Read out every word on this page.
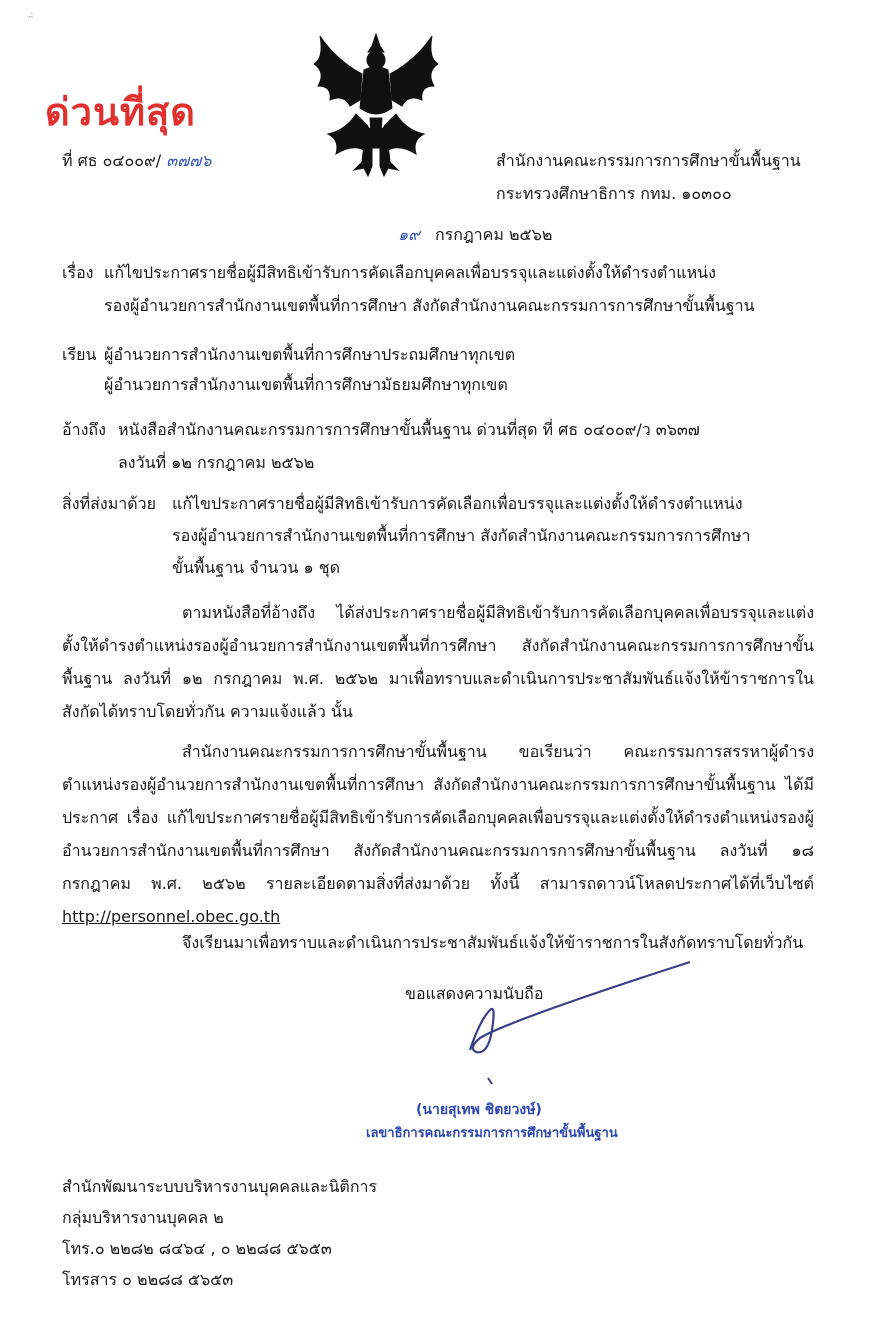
.:
ด่วนที่สุด
ที่ ศธ ๐๔๐๐๙/ ๓๗๗๖	สำนักงานคณะกรรมการการศึกษาขั้นพื้นฐาน
กระทรวงศึกษาธิการ กทม. ๑๐๓๐๐
๑๙ กรกฎาคม ๒๕๖๒
เรื่อง แก้ไขประกาศรายชื่อผู้มีสิทธิเข้ารับการคัดเลือกบุคคลเพื่อบรรจุและแต่งตั้งให้ดำรงตำแหน่ง
รองผู้อำนวยการสำนักงานเขตพื้นที่การศึกษา สังกัดสำนักงานคณะกรรมการการศึกษาขั้นพื้นฐาน
เรียน ผู้อำนวยการสำนักงานเขตพื้นที่การศึกษาประถมศึกษาทุกเขต
ผู้อำนวยการสำนักงานเขตพื้นที่การศึกษามัธยมศึกษาทุกเขต
อ้างถึง หนังสือสำนักงานคณะกรรมการการศึกษาขั้นพื้นฐาน ด่วนที่สุด ที่ ศธ ๐๔๐๐๙/ว ๓๖๓๗
ลงวันที่ ๑๒ กรกฎาคม ๒๕๖๒
สิ่งที่ส่งมาด้วย แก้ไขประกาศรายชื่อผู้มีสิทธิเข้ารับการคัดเลือกเพื่อบรรจุและแต่งตั้งให้ดำรงตำแหน่ง
รองผู้อำนวยการสำนักงานเขตพื้นที่การศึกษา สังกัดสำนักงานคณะกรรมการการศึกษา
ขั้นพื้นฐาน จำนวน ๑ ชุด
ตามหนังสือที่อ้างถึง ได้ส่งประกาศรายชื่อผู้มีสิทธิเข้ารับการคัดเลือกบุคคลเพื่อบรรจุและแต่งตั้งให้ดำรงตำแหน่งรองผู้อำนวยการสำนักงานเขตพื้นที่การศึกษา สังกัดสำนักงานคณะกรรมการการศึกษาขั้นพื้นฐาน ลงวันที่ ๑๒ กรกฎาคม พ.ศ. ๒๕๖๒ มาเพื่อทราบและดำเนินการประชาสัมพันธ์แจ้งให้ข้าราชการในสังกัดได้ทราบโดยทั่วกัน ความแจ้งแล้ว นั้น
สำนักงานคณะกรรมการการศึกษาขั้นพื้นฐาน ขอเรียนว่า คณะกรรมการสรรหาผู้ดำรงตำแหน่งรองผู้อำนวยการสำนักงานเขตพื้นที่การศึกษา สังกัดสำนักงานคณะกรรมการการศึกษาขั้นพื้นฐาน ได้มีประกาศ เรื่อง แก้ไขประกาศรายชื่อผู้มีสิทธิเข้ารับการคัดเลือกบุคคลเพื่อบรรจุและแต่งตั้งให้ดำรงตำแหน่งรองผู้อำนวยการสำนักงานเขตพื้นที่การศึกษา สังกัดสำนักงานคณะกรรมการการศึกษาขั้นพื้นฐาน ลงวันที่ ๑๘ กรกฎาคม พ.ศ. ๒๕๖๒ รายละเอียดตามสิ่งที่ส่งมาด้วย ทั้งนี้ สามารถดาวน์โหลดประกาศได้ที่เว็บไซต์ http://personnel.obec.go.th
จึงเรียนมาเพื่อทราบและดำเนินการประชาสัมพันธ์แจ้งให้ข้าราชการในสังกัดทราบโดยทั่วกัน
ขอแสดงความนับถือ
(นายสุเทพ ชิตยวงษ์)
เลขาธิการคณะกรรมการการศึกษาขั้นพื้นฐาน
สำนักพัฒนาระบบบริหารงานบุคคลและนิติการ
กลุ่มบริหารงานบุคคล ๒
โทร.๐ ๒๒๘๒ ๘๔๖๔ , ๐ ๒๒๘๘ ๕๖๕๓
โทรสาร ๐ ๒๒๘๘ ๕๖๕๓
